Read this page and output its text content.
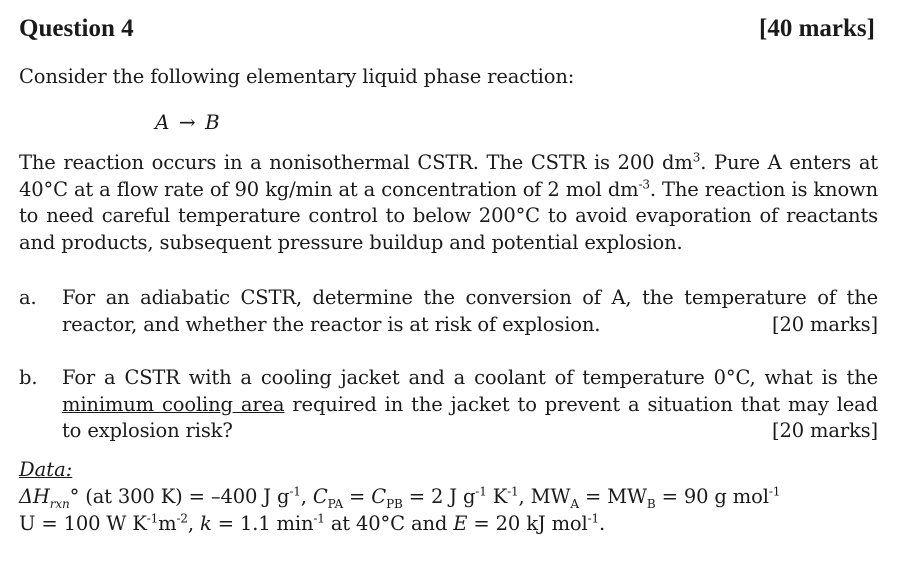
Question 4	[40 marks]
Consider the following elementary liquid phase reaction:
A → B
The reaction occurs in a nonisothermal CSTR. The CSTR is 200 $dm^3$. Pure A enters at 40°C at a flow rate of 90 kg/min at a concentration of 2 mol $dm^{-3}$. The reaction is known to need careful temperature control to below 200°C to avoid evaporation of reactants and products, subsequent pressure buildup and potential explosion.
a. For an adiabatic CSTR, determine the conversion of A, the temperature of the reactor, and whether the reactor is at risk of explosion.	[20 marks]
b. For a CSTR with a cooling jacket and a coolant of temperature 0°C, what is the minimum cooling area required in the jacket to prevent a situation that may lead to explosion risk?	[20 marks]
Data:
$\Delta H_{rxn}^\circ$ (at 300 K) = –400 J $g^{-1}$, $C_{PA} = C_{PB} = 2$ J $g^{-1}$ $K^{-1}$, $MW_A = MW_B = 90$ g mol$^{-1}$
U = 100 W $K^{-1}m^{-2}$, k = 1.1 $\min^{-1}$ at 40°C and E = 20 kJ mol$^{-1}$.
